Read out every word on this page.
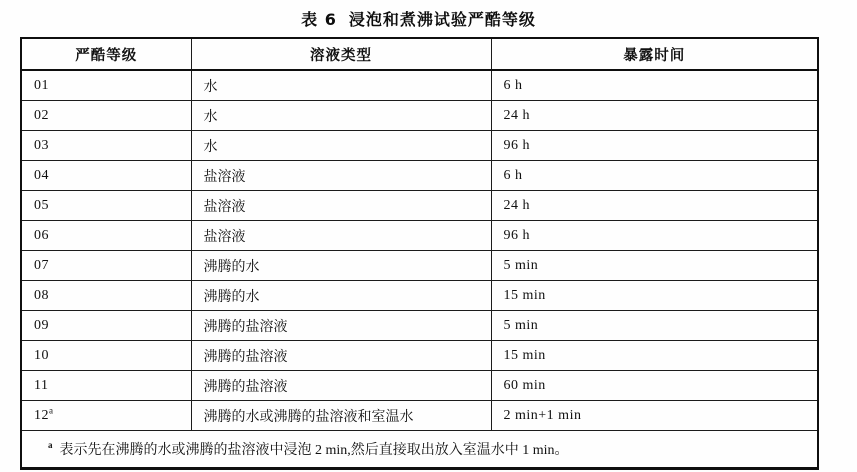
表 6 浸泡和煮沸试验严酷等级
严酷等级	溶液类型	暴露时间
01	水	6 h
02	水	24 h
03	水	96 h
04	盐溶液	6 h
05	盐溶液	24 h
06	盐溶液	96 h
07	沸腾的水	5 min
08	沸腾的水	15 min
09	沸腾的盐溶液	5 min
10	沸腾的盐溶液	15 min
11	沸腾的盐溶液	60 min
12$^a$	沸腾的水或沸腾的盐溶液和室温水	2 min+1 min
$^a$ 表示先在沸腾的水或沸腾的盐溶液中浸泡 2 min,然后直接取出放入室温水中 1 min。		
